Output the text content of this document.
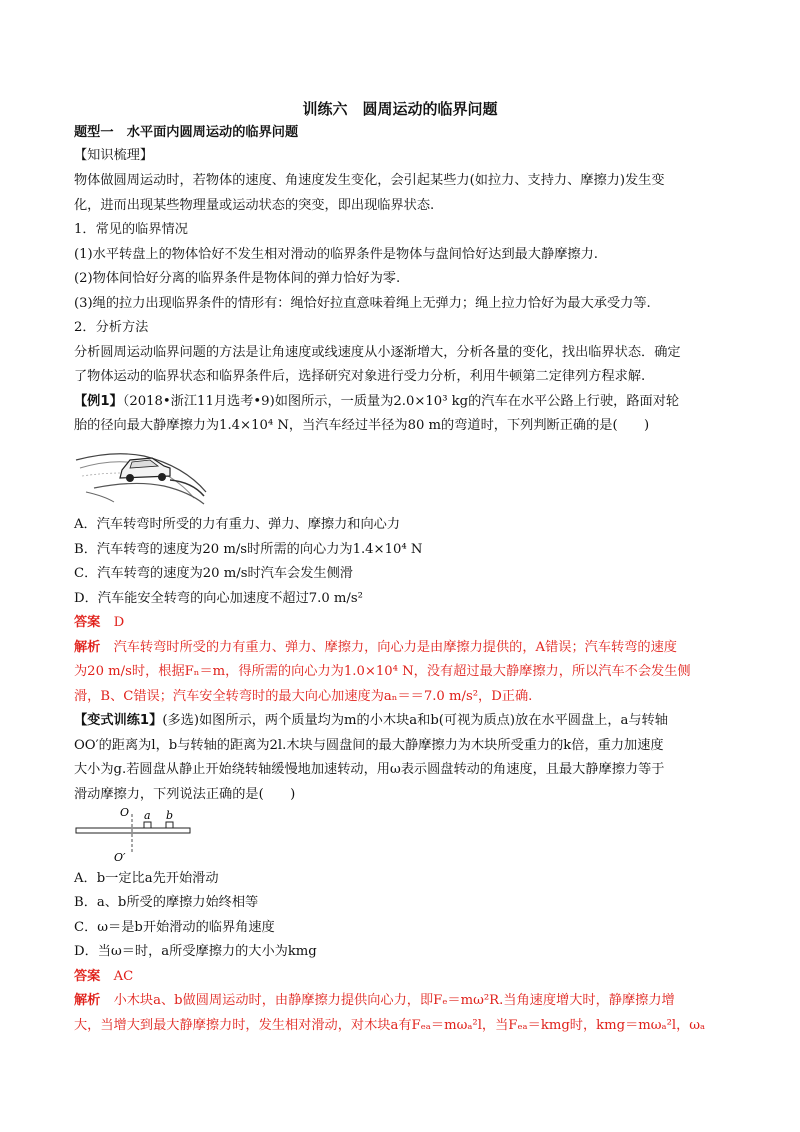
训练六　圆周运动的临界问题
题型一　水平面内圆周运动的临界问题
【知识梳理】
物体做圆周运动时，若物体的速度、角速度发生变化，会引起某些力(如拉力、支持力、摩擦力)发生变
化，进而出现某些物理量或运动状态的突变，即出现临界状态.
1．常见的临界情况
(1)水平转盘上的物体恰好不发生相对滑动的临界条件是物体与盘间恰好达到最大静摩擦力.
(2)物体间恰好分离的临界条件是物体间的弹力恰好为零.
(3)绳的拉力出现临界条件的情形有：绳恰好拉直意味着绳上无弹力；绳上拉力恰好为最大承受力等.
2．分析方法
分析圆周运动临界问题的方法是让角速度或线速度从小逐渐增大，分析各量的变化，找出临界状态．确定
了物体运动的临界状态和临界条件后，选择研究对象进行受力分析，利用牛顿第二定律列方程求解.
【例1】（2018•浙江11月选考•9)如图所示，一质量为2.0×10³ kg的汽车在水平公路上行驶，路面对轮
胎的径向最大静摩擦力为1.4×10⁴ N，当汽车经过半径为80 m的弯道时，下列判断正确的是(　　)
A．汽车转弯时所受的力有重力、弹力、摩擦力和向心力
B．汽车转弯的速度为20 m/s时所需的向心力为1.4×10⁴ N
C．汽车转弯的速度为20 m/s时汽车会发生侧滑
D．汽车能安全转弯的向心加速度不超过7.0 m/s²
答案　 D
解析　 汽车转弯时所受的力有重力、弹力、摩擦力，向心力是由摩擦力提供的，A错误；汽车转弯的速度
为20 m/s时，根据Fₙ＝m，得所需的向心力为1.0×10⁴ N，没有超过最大静摩擦力，所以汽车不会发生侧
滑，B、C错误；汽车安全转弯时的最大向心加速度为aₙ＝＝7.0 m/s²，D正确.
【变式训练1】(多选)如图所示，两个质量均为m的小木块a和b(可视为质点)放在水平圆盘上，a与转轴
OO′的距离为l，b与转轴的距离为2l.木块与圆盘间的最大静摩擦力为木块所受重力的k倍，重力加速度
大小为g.若圆盘从静止开始绕转轴缓慢地加速转动，用ω表示圆盘转动的角速度，且最大静摩擦力等于
滑动摩擦力，下列说法正确的是(　　)
O a b
O′
A．b一定比a先开始滑动
B．a、b所受的摩擦力始终相等
C．ω＝是b开始滑动的临界角速度
D．当ω＝时，a所受摩擦力的大小为kmg
答案　 AC
解析　 小木块a、b做圆周运动时，由静摩擦力提供向心力，即Fₑ＝mω²R.当角速度增大时，静摩擦力增
大，当增大到最大静摩擦力时，发生相对滑动，对木块a有Fₑₐ＝mωₐ²l，当Fₑₐ＝kmg时，kmg＝mωₐ²l，ωₐ
